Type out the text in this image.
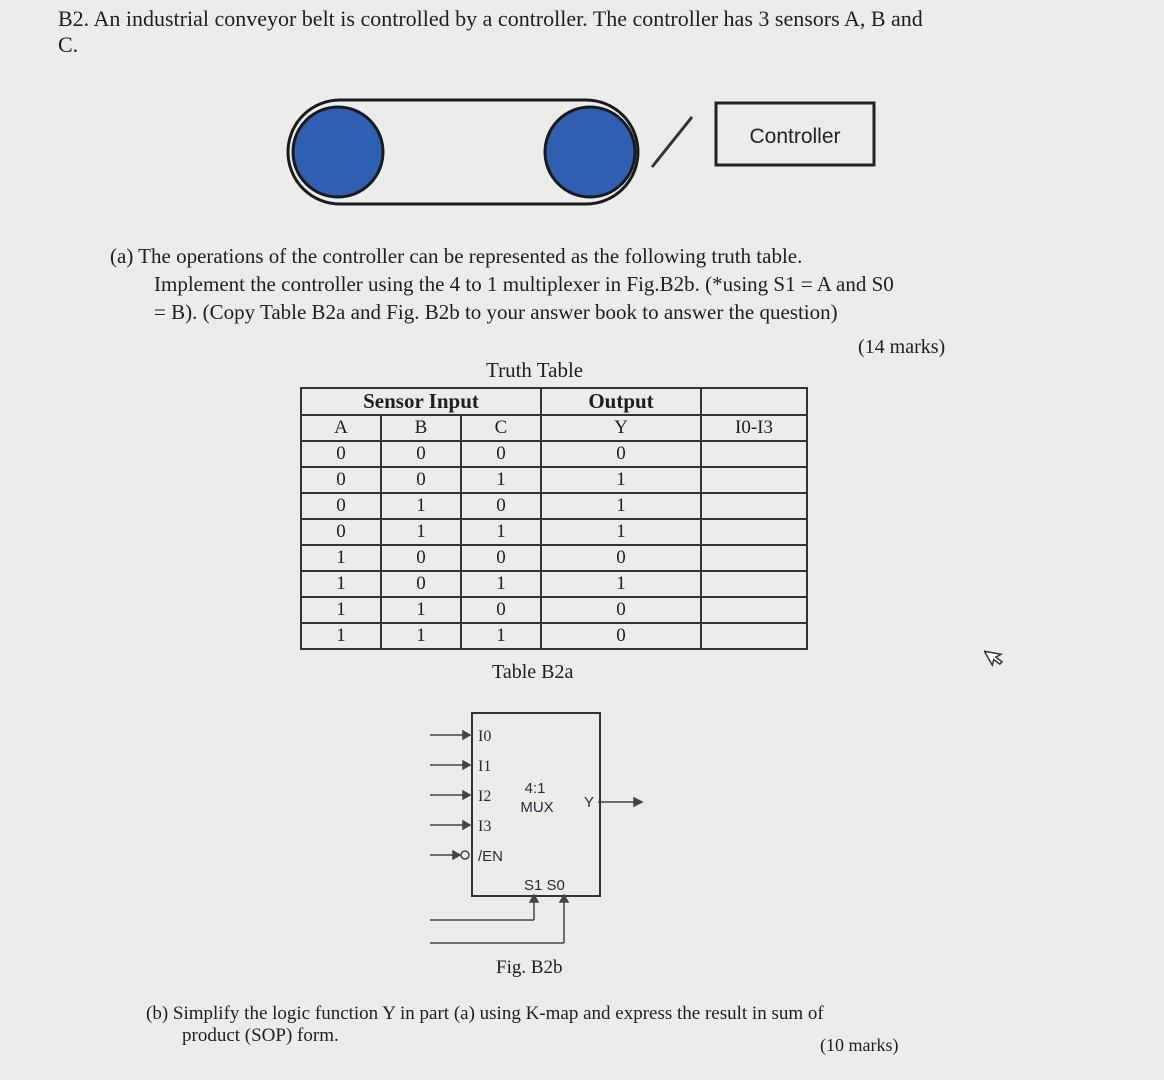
B2. An industrial conveyor belt is controlled by a controller. The controller has 3 sensors A, B and
C.
Controller
(a) The operations of the controller can be represented as the following truth table.
Implement the controller using the 4 to 1 multiplexer in Fig.B2b. (*using S1 = A and S0
= B). (Copy Table B2a and Fig. B2b to your answer book to answer the question)
(14 marks)
Truth Table
Sensor Input			Output	
A	B	C	Y	I0-I3
0	0	0	0	
0	0	1	1	
0	1	0	1	
0	1	1	1	
1	0	0	0	
1	0	1	1	
1	1	0	0	
1	1	1	0	
Table B2a
I0
I1
I2
I3
/EN
4:1
MUX Y
S1 S0
Fig. B2b
(b) Simplify the logic function Y in part (a) using K-map and express the result in sum of
product (SOP) form.	(10 marks)
